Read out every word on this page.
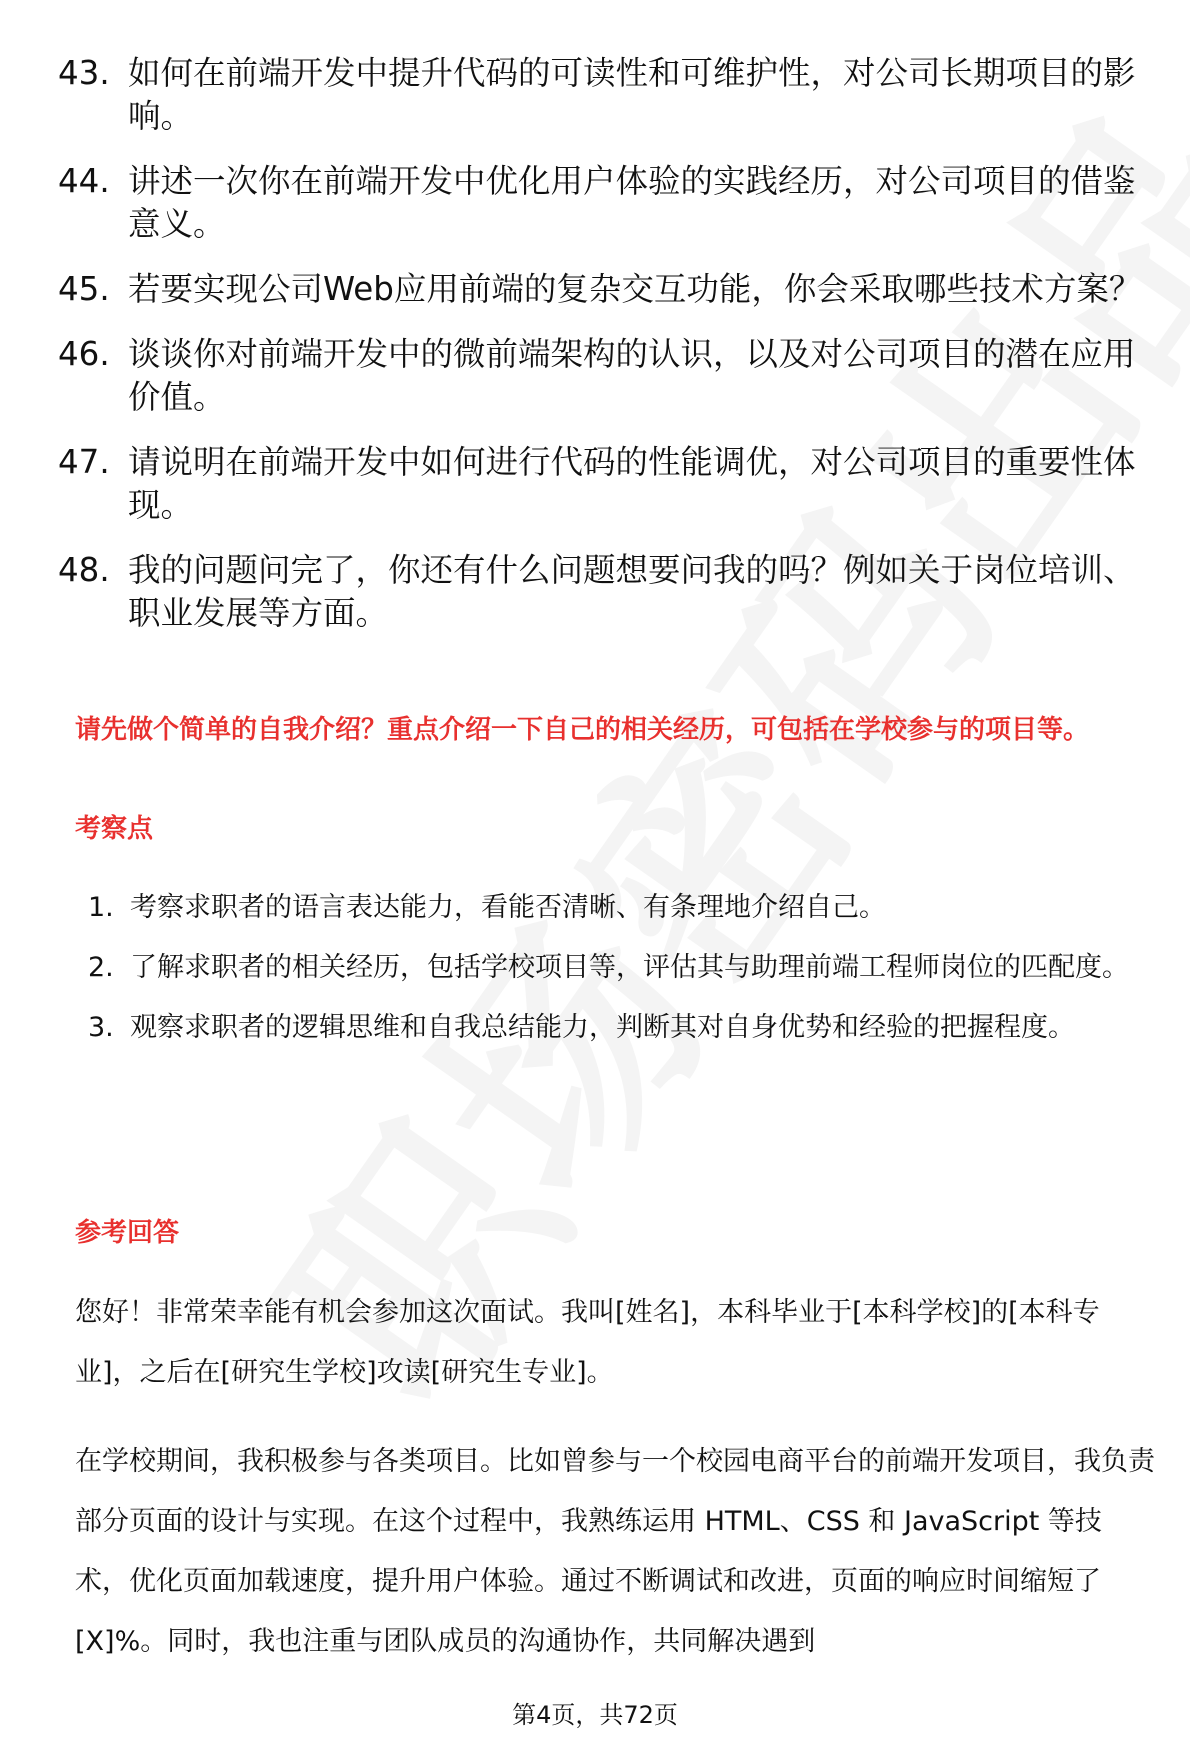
43. 如何在前端开发中提升代码的可读性和可维护性，对公司长期项目的影响。
44. 讲述一次你在前端开发中优化用户体验的实践经历，对公司项目的借鉴意义。
45. 若要实现公司Web应用前端的复杂交互功能，你会采取哪些技术方案？
46. 谈谈你对前端开发中的微前端架构的认识，以及对公司项目的潜在应用价值。
47. 请说明在前端开发中如何进行代码的性能调优，对公司项目的重要性体现。
48. 我的问题问完了，你还有什么问题想要问我的吗？例如关于岗位培训、职业发展等方面。
请先做个简单的自我介绍？重点介绍一下自己的相关经历，可包括在学校参与的项目等。
考察点
1. 考察求职者的语言表达能力，看能否清晰、有条理地介绍自己。
2. 了解求职者的相关经历，包括学校项目等，评估其与助理前端工程师岗位的匹配度。
3. 观察求职者的逻辑思维和自我总结能力，判断其对自身优势和经验的把握程度。
参考回答
您好！非常荣幸能有机会参加这次面试。我叫[姓名]，本科毕业于[本科学校]的[本科专业]，之后在[研究生学校]攻读[研究生专业]。
在学校期间，我积极参与各类项目。比如曾参与一个校园电商平台的前端开发项目，我负责部分页面的设计与实现。在这个过程中，我熟练运用 HTML、CSS 和 JavaScript 等技术，优化页面加载速度，提升用户体验。通过不断调试和改进，页面的响应时间缩短了[X]%。同时，我也注重与团队成员的沟通协作，共同解决遇到
第4页，共72页
